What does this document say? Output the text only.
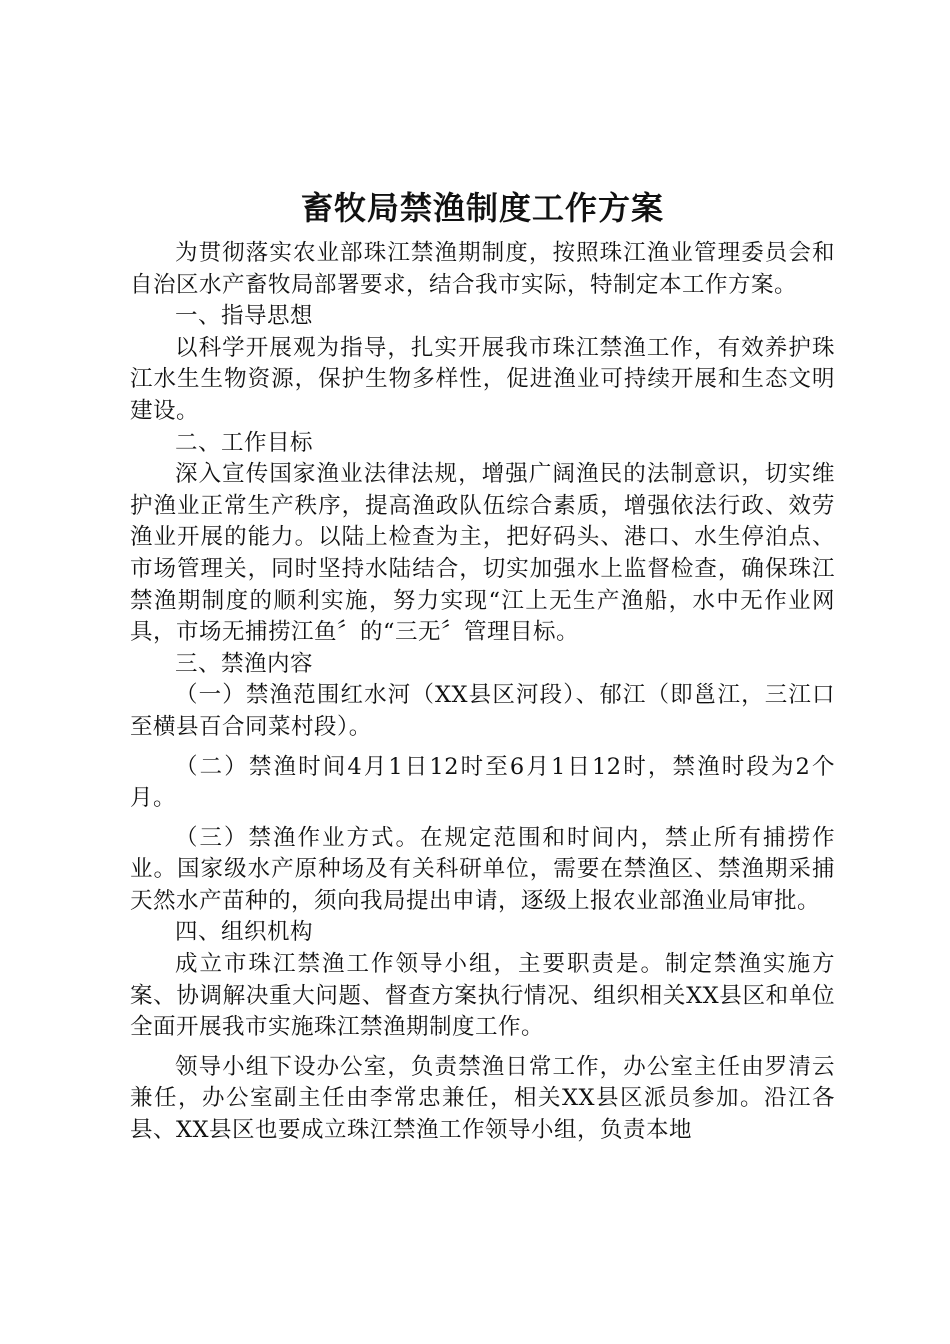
畜牧局禁渔制度工作方案

为贯彻落实农业部珠江禁渔期制度，按照珠江渔业管理委员会和自治区水产畜牧局部署要求，结合我市实际，特制定本工作方案。

一、指导思想

以科学开展观为指导，扎实开展我市珠江禁渔工作，有效养护珠江水生生物资源，保护生物多样性，促进渔业可持续开展和生态文明建设。

二、工作目标

深入宣传国家渔业法律法规，增强广阔渔民的法制意识，切实维护渔业正常生产秩序，提高渔政队伍综合素质，增强依法行政、效劳渔业开展的能力。以陆上检查为主，把好码头、港口、水生停泊点、市场管理关，同时坚持水陆结合，切实加强水上监督检查，确保珠江禁渔期制度的顺利实施，努力实现“江上无生产渔船，水中无作业网具，市场无捕捞江鱼〞的“三无〞管理目标。

三、禁渔内容

（一）禁渔范围红水河（XX县区河段）、郁江（即邕江，三江口至横县百合同菜村段）。

（二）禁渔时间4月1日12时至6月1日12时，禁渔时段为2个月。

（三）禁渔作业方式。在规定范围和时间内，禁止所有捕捞作业。国家级水产原种场及有关科研单位，需要在禁渔区、禁渔期采捕天然水产苗种的，须向我局提出申请，逐级上报农业部渔业局审批。

四、组织机构

成立市珠江禁渔工作领导小组，主要职责是。制定禁渔实施方案、协调解决重大问题、督查方案执行情况、组织相关XX县区和单位全面开展我市实施珠江禁渔期制度工作。

领导小组下设办公室，负责禁渔日常工作，办公室主任由罗清云兼任，办公室副主任由李常忠兼任，相关XX县区派员参加。沿江各县、XX县区也要成立珠江禁渔工作领导小组，负责本地
